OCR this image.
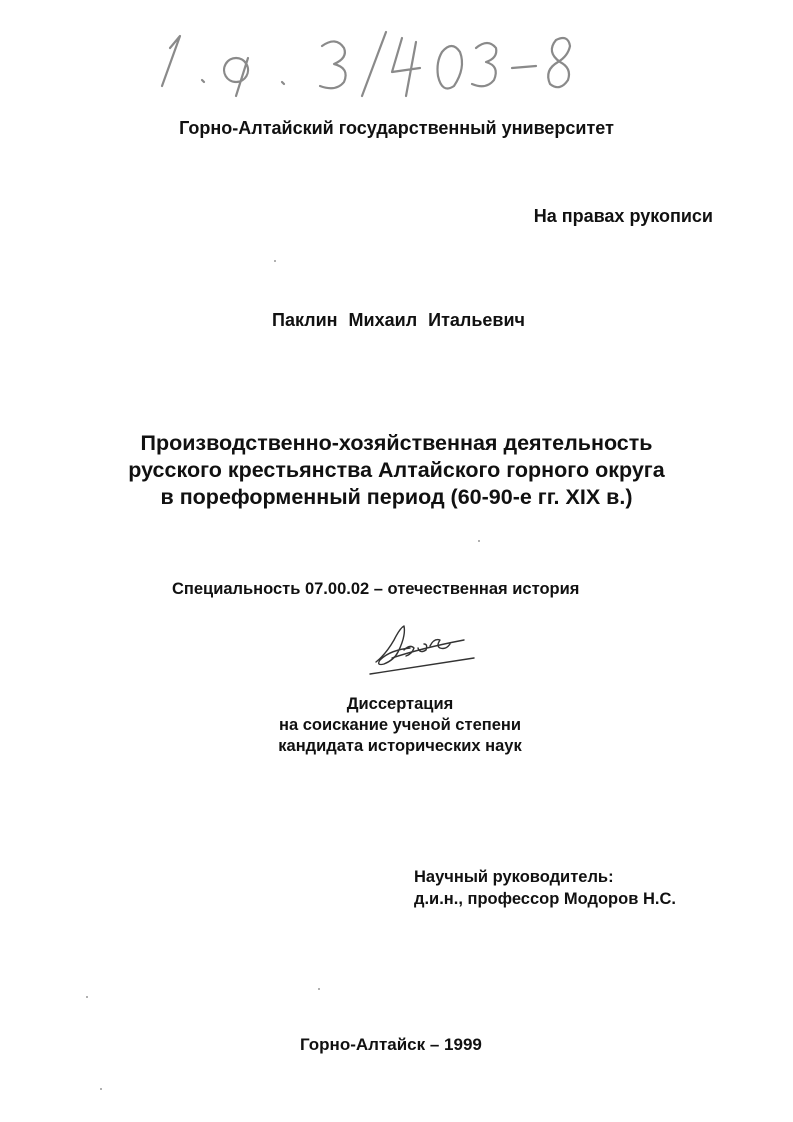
Горно-Алтайский государственный университет
На правах рукописи
Паклин Михаил Итальевич
Производственно-хозяйственная деятельность
русского крестьянства Алтайского горного округа
в пореформенный период (60-90-е гг. XIX в.)
Специальность 07.00.02 – отечественная история
Диссертация
на соискание ученой степени
кандидата исторических наук
Научный руководитель:
д.и.н., профессор Модоров Н.С.
Горно-Алтайск – 1999
